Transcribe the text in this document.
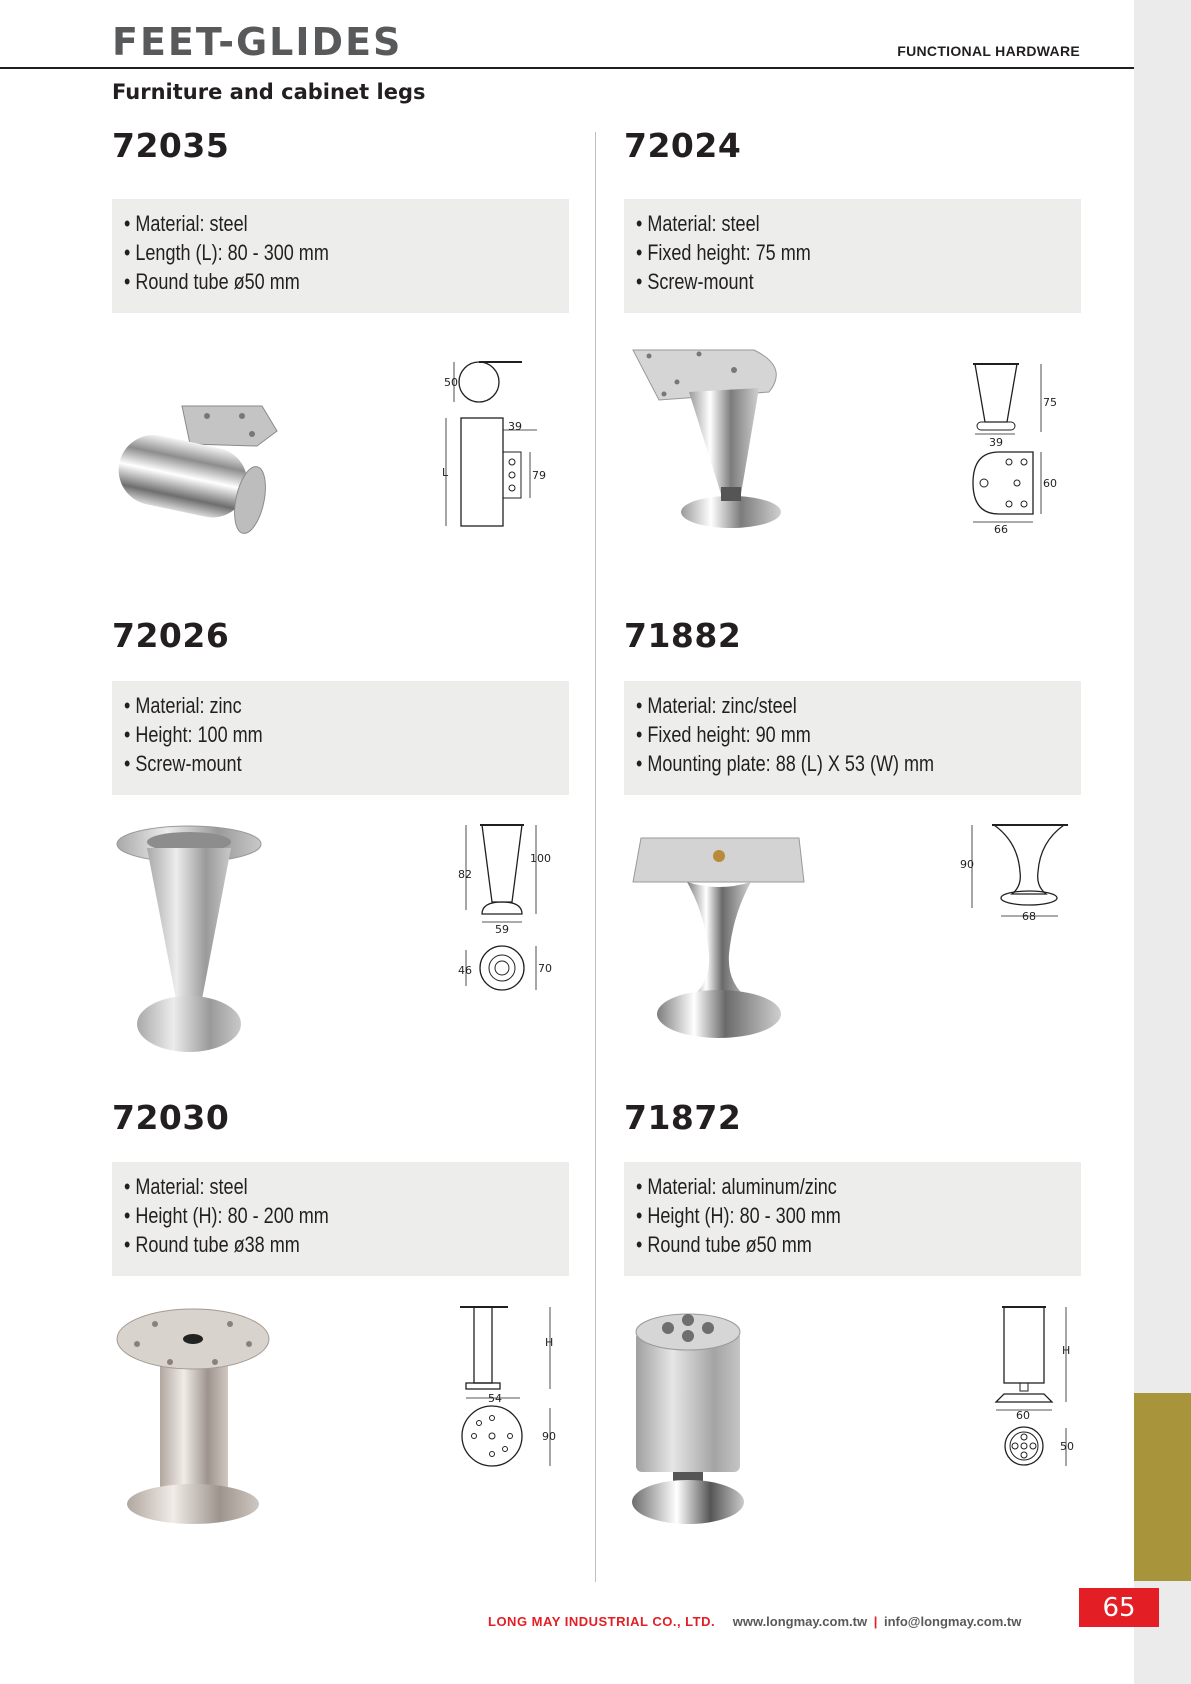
65
FEET-GLIDES	FUNCTIONAL HARDWARE
Furniture and cabinet legs
72035
• Material: steel
• Length (L): 80 - 300 mm
• Round tube ø50 mm
50
L
39
79
72024
• Material: steel
• Fixed height: 75 mm
• Screw-mount
75
39
60
66
72026
• Material: zinc
• Height: 100 mm
• Screw-mount
82
100
59
46	70
71882
• Material: zinc/steel
• Fixed height: 90 mm
• Mounting plate: 88 (L) X 53 (W) mm
90
68
72030
• Material: steel
• Height (H): 80 - 200 mm
• Round tube ø38 mm
H
54
90
71872
• Material: aluminum/zinc
• Height (H): 80 - 300 mm
• Round tube ø50 mm
H
60
50
LONG MAY INDUSTRIAL CO., LTD. www.longmay.com.tw | info@longmay.com.tw
